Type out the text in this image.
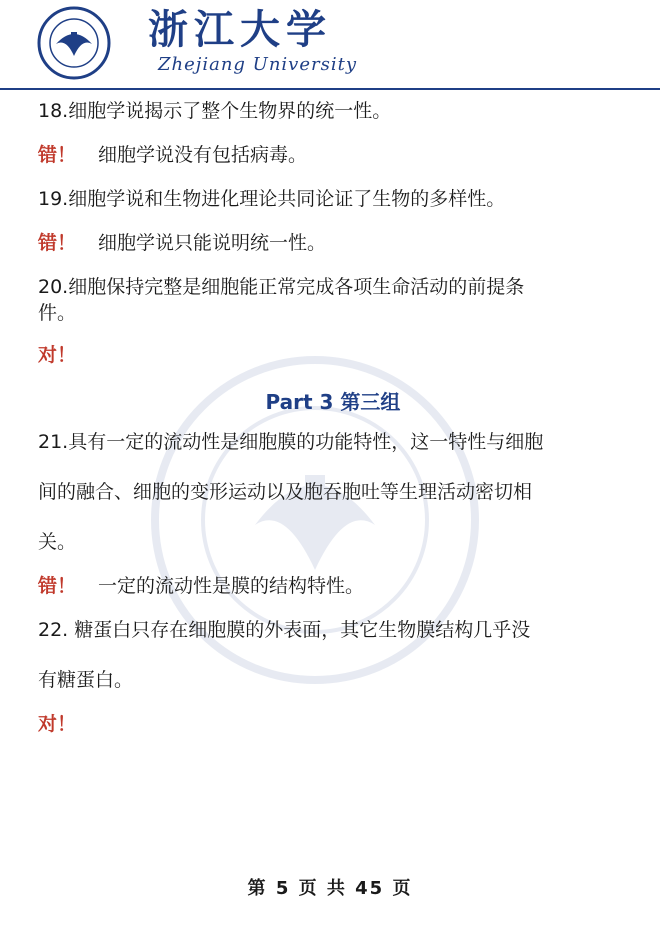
浙江大学
Zhejiang University

18.细胞学说揭示了整个生物界的统一性。

错！ 细胞学说没有包括病毒。

19.细胞学说和生物进化理论共同论证了生物的多样性。

错！ 细胞学说只能说明统一性。

20.细胞保持完整是细胞能正常完成各项生命活动的前提条

件。

对！

Part 3 第三组

21.具有一定的流动性是细胞膜的功能特性，这一特性与细胞

间的融合、细胞的变形运动以及胞吞胞吐等生理活动密切相

关。

错！ 一定的流动性是膜的结构特性。

22. 糖蛋白只存在细胞膜的外表面，其它生物膜结构几乎没

有糖蛋白。

对！

第 5 页 共 45 页
